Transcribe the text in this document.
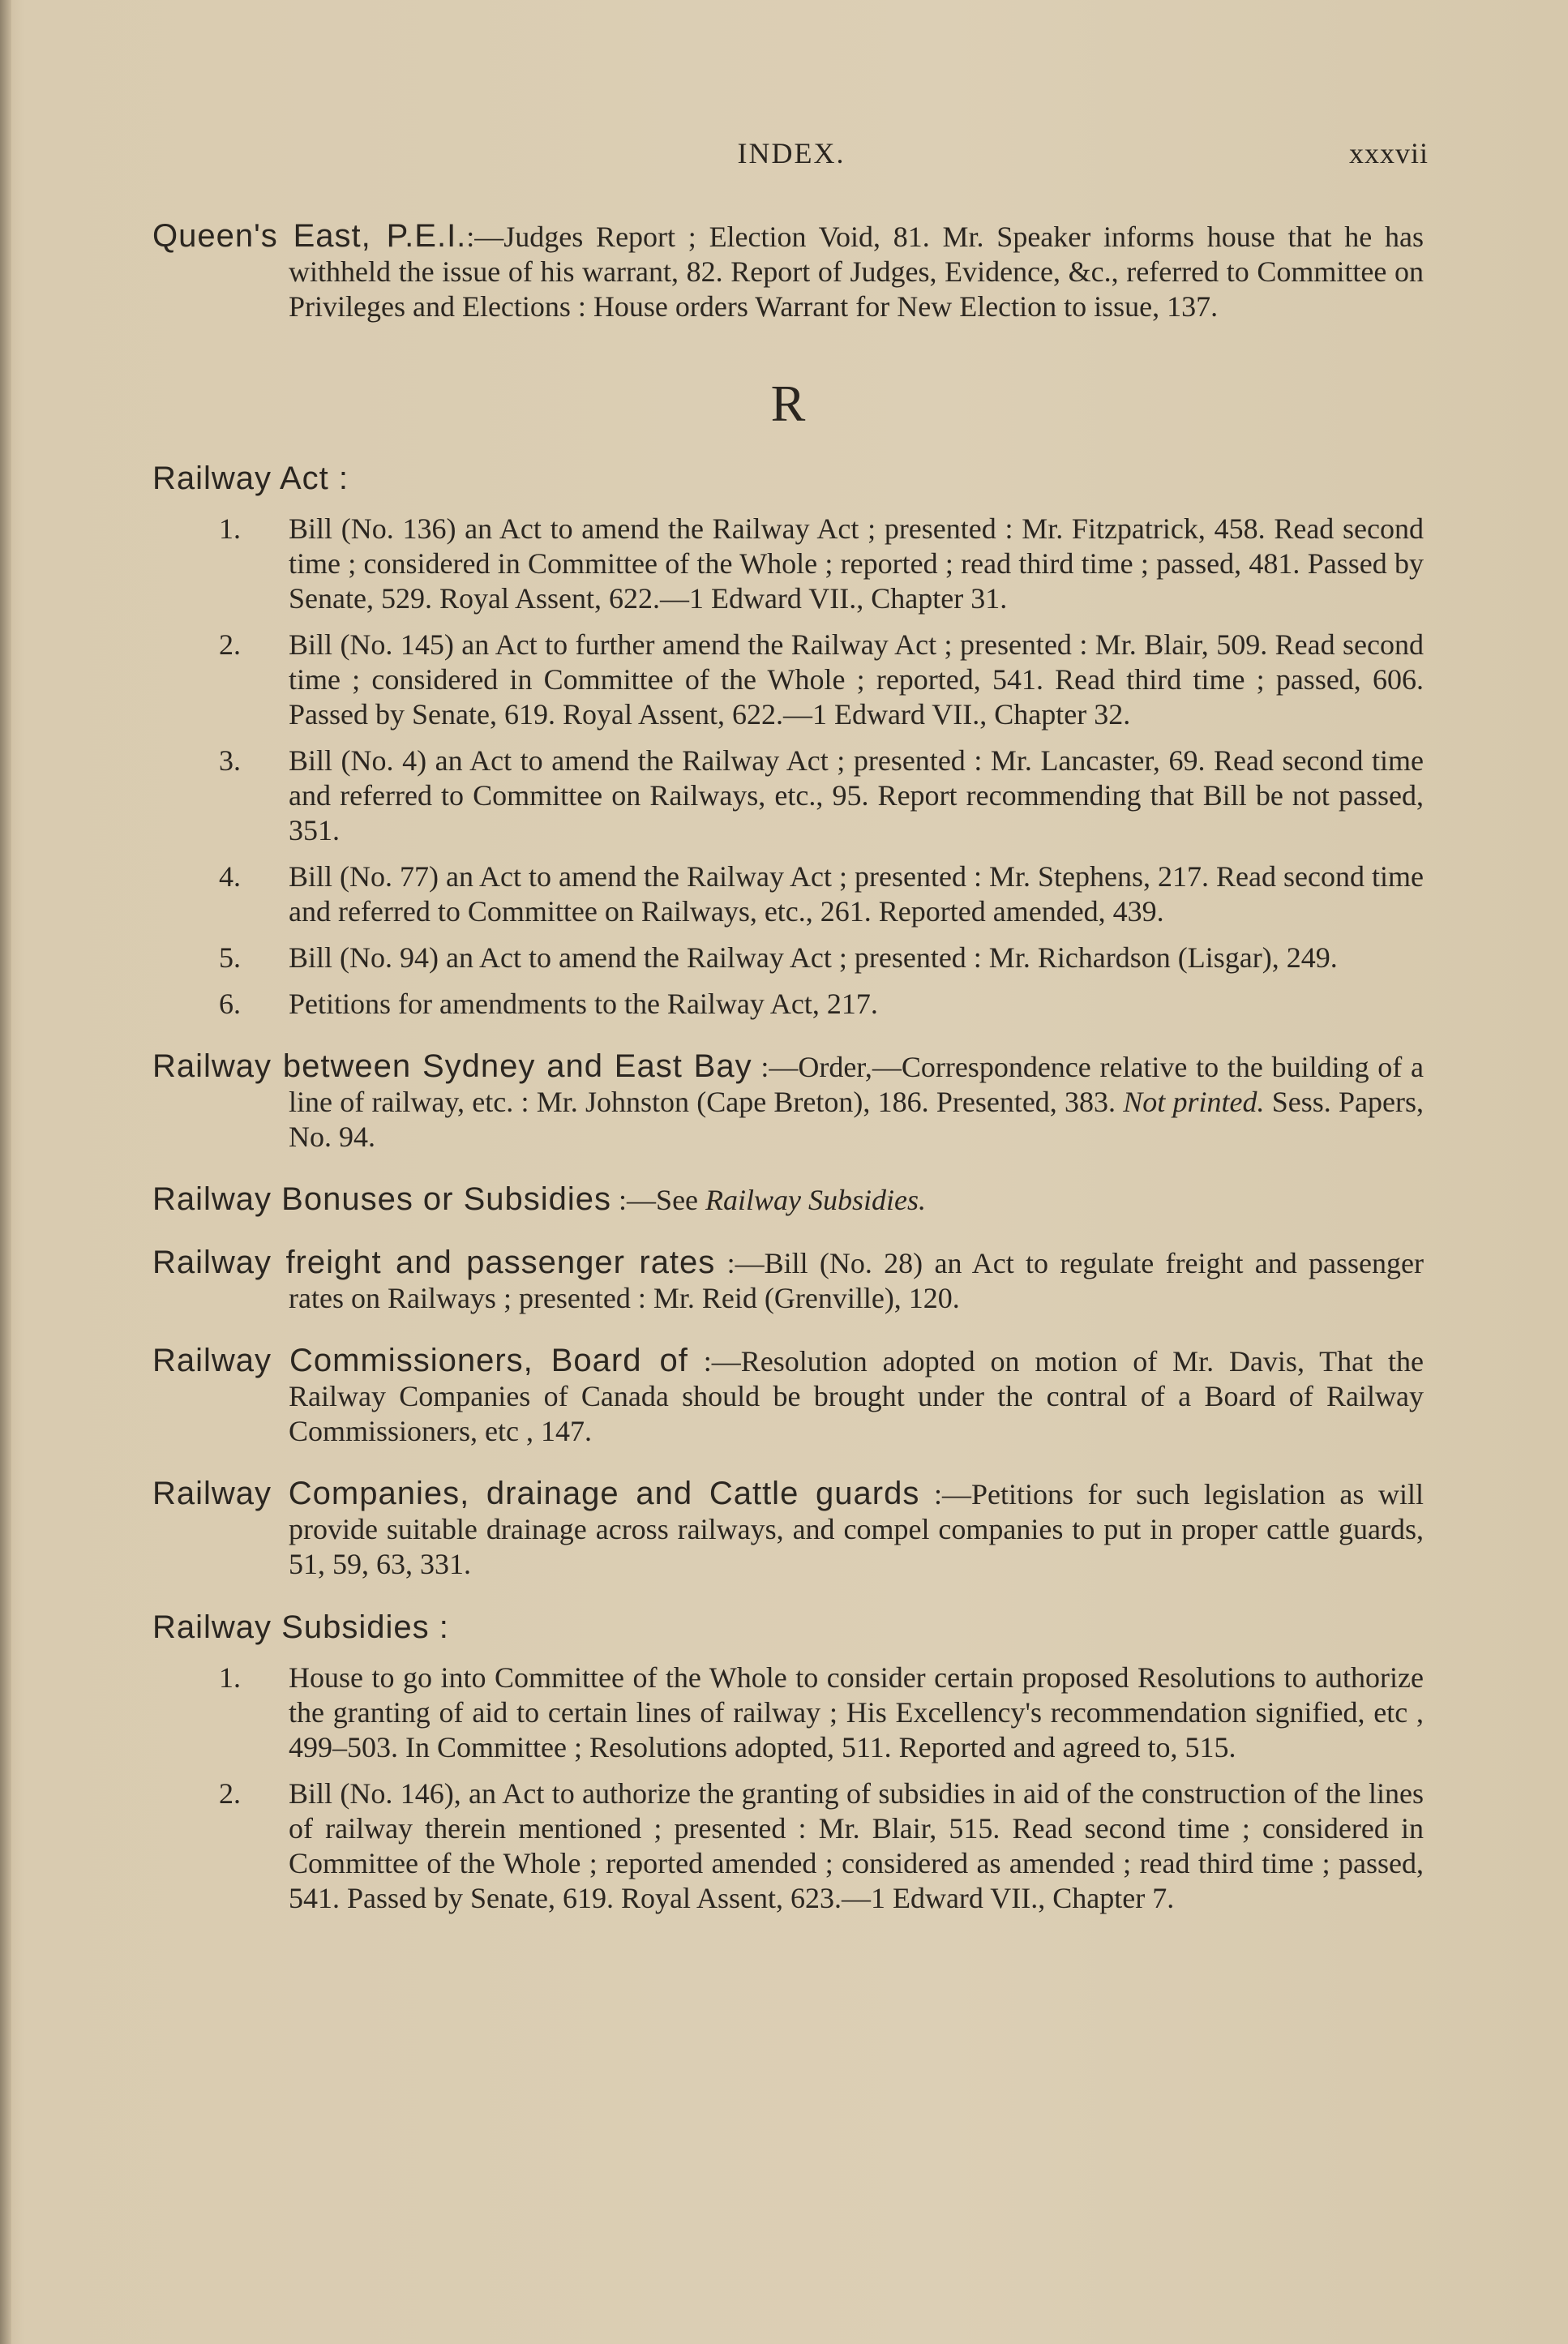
INDEX.	xxxvii
Queen's East, P.E.I.:—Judges Report ; Election Void, 81. Mr. Speaker informs house that he has withheld the issue of his warrant, 82. Report of Judges, Evidence, &c., referred to Committee on Privileges and Elections : House orders Warrant for New Election to issue, 137.
R
Railway Act :
1. Bill (No. 136) an Act to amend the Railway Act ; presented : Mr. Fitzpatrick, 458. Read second time ; considered in Committee of the Whole ; reported ; read third time ; passed, 481. Passed by Senate, 529. Royal Assent, 622.—1 Edward VII., Chapter 31.
2. Bill (No. 145) an Act to further amend the Railway Act ; presented : Mr. Blair, 509. Read second time ; considered in Committee of the Whole ; reported, 541. Read third time ; passed, 606. Passed by Senate, 619. Royal Assent, 622.—1 Edward VII., Chapter 32.
3. Bill (No. 4) an Act to amend the Railway Act ; presented : Mr. Lancaster, 69. Read second time and referred to Committee on Railways, etc., 95. Report recommending that Bill be not passed, 351.
4. Bill (No. 77) an Act to amend the Railway Act ; presented : Mr. Stephens, 217. Read second time and referred to Committee on Railways, etc., 261. Reported amended, 439.
5. Bill (No. 94) an Act to amend the Railway Act ; presented : Mr. Richardson (Lisgar), 249.
6. Petitions for amendments to the Railway Act, 217.
Railway between Sydney and East Bay :—Order,—Correspondence relative to the building of a line of railway, etc. : Mr. Johnston (Cape Breton), 186. Presented, 383. Not printed. Sess. Papers, No. 94.
Railway Bonuses or Subsidies :—See Railway Subsidies.
Railway freight and passenger rates :—Bill (No. 28) an Act to regulate freight and passenger rates on Railways ; presented : Mr. Reid (Grenville), 120.
Railway Commissioners, Board of :—Resolution adopted on motion of Mr. Davis, That the Railway Companies of Canada should be brought under the contral of a Board of Railway Commissioners, etc , 147.
Railway Companies, drainage and Cattle guards :—Petitions for such legislation as will provide suitable drainage across railways, and compel companies to put in proper cattle guards, 51, 59, 63, 331.
Railway Subsidies :
1. House to go into Committee of the Whole to consider certain proposed Resolutions to authorize the granting of aid to certain lines of railway ; His Excellency's recommendation signified, etc , 499–503. In Committee ; Resolutions adopted, 511. Reported and agreed to, 515.
2. Bill (No. 146), an Act to authorize the granting of subsidies in aid of the construction of the lines of railway therein mentioned ; presented : Mr. Blair, 515. Read second time ; considered in Committee of the Whole ; reported amended ; considered as amended ; read third time ; passed, 541. Passed by Senate, 619. Royal Assent, 623.—1 Edward VII., Chapter 7.
